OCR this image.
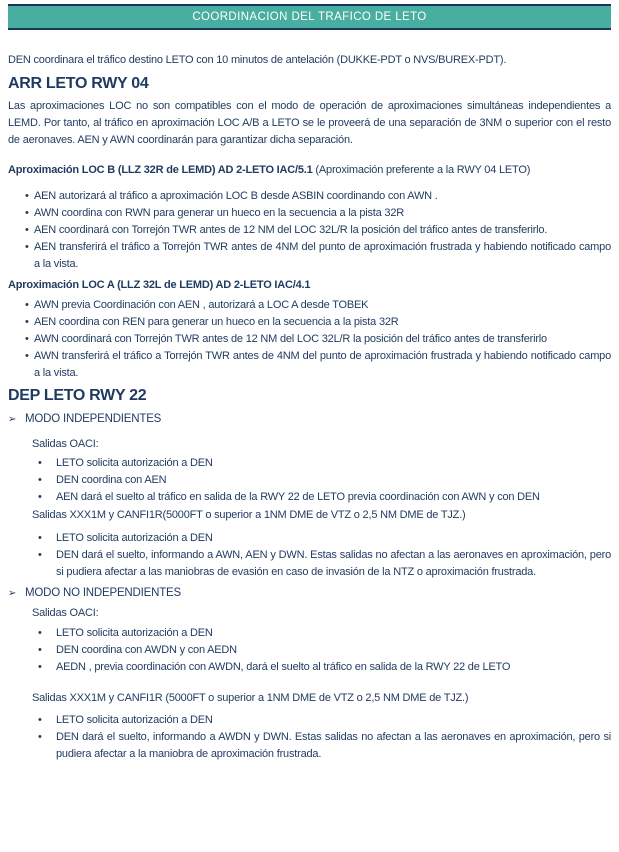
COORDINACION DEL TRAFICO DE LETO
DEN coordinara el tráfico destino LETO con 10 minutos de antelación (DUKKE-PDT o NVS/BUREX-PDT).
ARR LETO RWY 04
Las aproximaciones LOC no son compatibles con el modo de operación de aproximaciones simultáneas independientes a LEMD. Por tanto, al tráfico en aproximación LOC A/B a LETO se le proveerá de una separación de 3NM o superior con el resto de aeronaves. AEN y AWN coordinarán para garantizar dicha separación.
Aproximación LOC B (LLZ 32R de LEMD) AD 2-LETO IAC/5.1 (Aproximación preferente a la RWY 04 LETO)
• AEN autorizará al tráfico a aproximación LOC B desde ASBIN coordinando con AWN .
• AWN coordina con RWN para generar un hueco en la secuencia a la pista 32R
• AEN coordinará con Torrejón TWR antes de 12 NM del LOC 32L/R la posición del tráfico antes de transferirlo.
• AEN transferirá el tráfico a Torrejón TWR antes de 4NM del punto de aproximación frustrada y habiendo notificado campo a la vista.
Aproximación LOC A (LLZ 32L de LEMD) AD 2-LETO IAC/4.1
• AWN previa Coordinación con AEN , autorizará a LOC A desde TOBEK
• AEN coordina con REN para generar un hueco en la secuencia a la pista 32R
• AWN coordinará con Torrejón TWR antes de 12 NM del LOC 32L/R la posición del tráfico antes de transferirlo
• AWN transferirá el tráfico a Torrejón TWR antes de 4NM del punto de aproximación frustrada y habiendo notificado campo a la vista.
DEP LETO RWY 22
➢ MODO INDEPENDIENTES
Salidas OACI:
•	LETO solicita autorización a DEN
•	DEN coordina con AEN
•	AEN dará el suelto al tráfico en salida de la RWY 22 de LETO previa coordinación con AWN y con DEN
Salidas XXX1M y CANFI1R(5000FT o superior a 1NM DME de VTZ o 2,5 NM DME de TJZ.)
•	LETO solicita autorización a DEN
•	DEN dará el suelto, informando a AWN, AEN y DWN. Estas salidas no afectan a las aeronaves en aproximación, pero si pudiera afectar a las maniobras de evasión en caso de invasión de la NTZ o aproximación frustrada.
➢ MODO NO INDEPENDIENTES
Salidas OACI:
•	LETO solicita autorización a DEN
•	DEN coordina con AWDN y con AEDN
•	AEDN , previa coordinación con AWDN, dará el suelto al tráfico en salida de la RWY 22 de LETO
Salidas XXX1M y CANFI1R (5000FT o superior a 1NM DME de VTZ o 2,5 NM DME de TJZ.)
•	LETO solicita autorización a DEN
•	DEN dará el suelto, informando a AWDN y DWN. Estas salidas no afectan a las aeronaves en aproximación, pero si pudiera afectar a la maniobra de aproximación frustrada.
